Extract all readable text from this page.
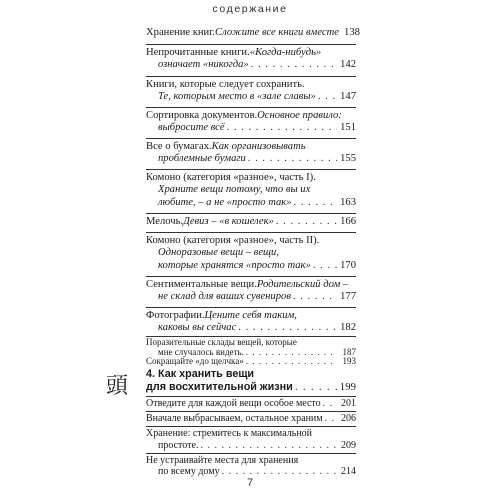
содержание
Хранение книг. Сложите все книги вместе 138
Непрочитанные книги. «Когда-нибудь»
означает «никогда» . . .	142
Книги, которые следует сохранить.
Те, которым место в «зале славы» . . . 147
Сортировка документов. Основное правило:
выбросите всё . . .	151
Все о бумагах. Как организовывать
проблемные бумаги . . .	155
Комоно (категория «разное», часть I).
Храните вещи потому, что вы их
любите, – а не «просто так» . . .	163
Мелочь. Девиз – «в кошелек» . . .	166
Комоно (категория «разное», часть II).
Одноразовые вещи – вещи,
которые хранятся «просто так» . . .	170
Сентиментальные вещи. Родительский дом –
не склад для ваших сувениров . . .	177
Фотографии. Цените себя таким,
каковы вы сейчас . . .	182
Поразительные склады вещей, которые
мне случалось видеть. . . .	187
Сокращайте «до щелчка» . . .	193
頭 4. Как хранить вещи
для восхитительной жизни . . .	199
Отведите для каждой вещи особое место . . . 201
Вначале выбрасываем, остальное храним . . . 206
Хранение: стремитесь к максимальной
простоте. . . .	209
Не устраивайте места для хранения
по всему дому . . .	214
7
